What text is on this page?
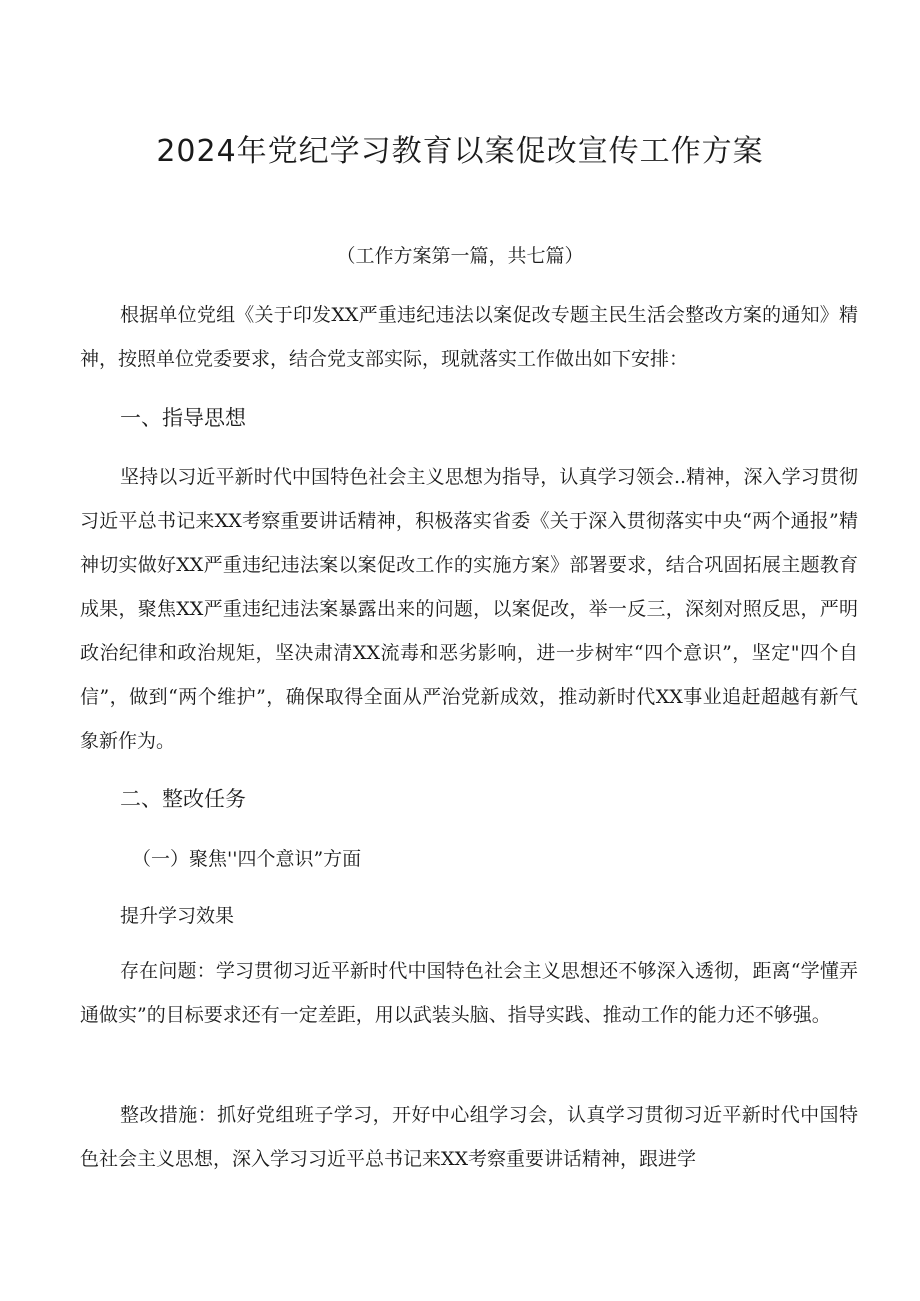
2024年党纪学习教育以案促改宣传工作方案

（工作方案第一篇，共七篇）

根据单位党组《关于印发XX严重违纪违法以案促改专题主民生活会整改方案的通知》精神，按照单位党委要求，结合党支部实际，现就落实工作做出如下安排：

一、指导思想

坚持以习近平新时代中国特色社会主义思想为指导，认真学习领会..精神，深入学习贯彻习近平总书记来XX考察重要讲话精神，积极落实省委《关于深入贯彻落实中央“两个通报”精神切实做好XX严重违纪违法案以案促改工作的实施方案》部署要求，结合巩固拓展主题教育成果，聚焦XX严重违纪违法案暴露出来的问题，以案促改，举一反三，深刻对照反思，严明政治纪律和政治规矩，坚决肃清XX流毒和恶劣影响，进一步树牢“四个意识”，坚定"四个自信”，做到“两个维护”，确保取得全面从严治党新成效，推动新时代XX事业追赶超越有新气象新作为。

二、整改任务

（一）聚焦''四个意识”方面

提升学习效果

存在问题：学习贯彻习近平新时代中国特色社会主义思想还不够深入透彻，距离“学懂弄通做实”的目标要求还有一定差距，用以武装头脑、指导实践、推动工作的能力还不够强。

整改措施：抓好党组班子学习，开好中心组学习会，认真学习贯彻习近平新时代中国特色社会主义思想，深入学习习近平总书记来XX考察重要讲话精神，跟进学
